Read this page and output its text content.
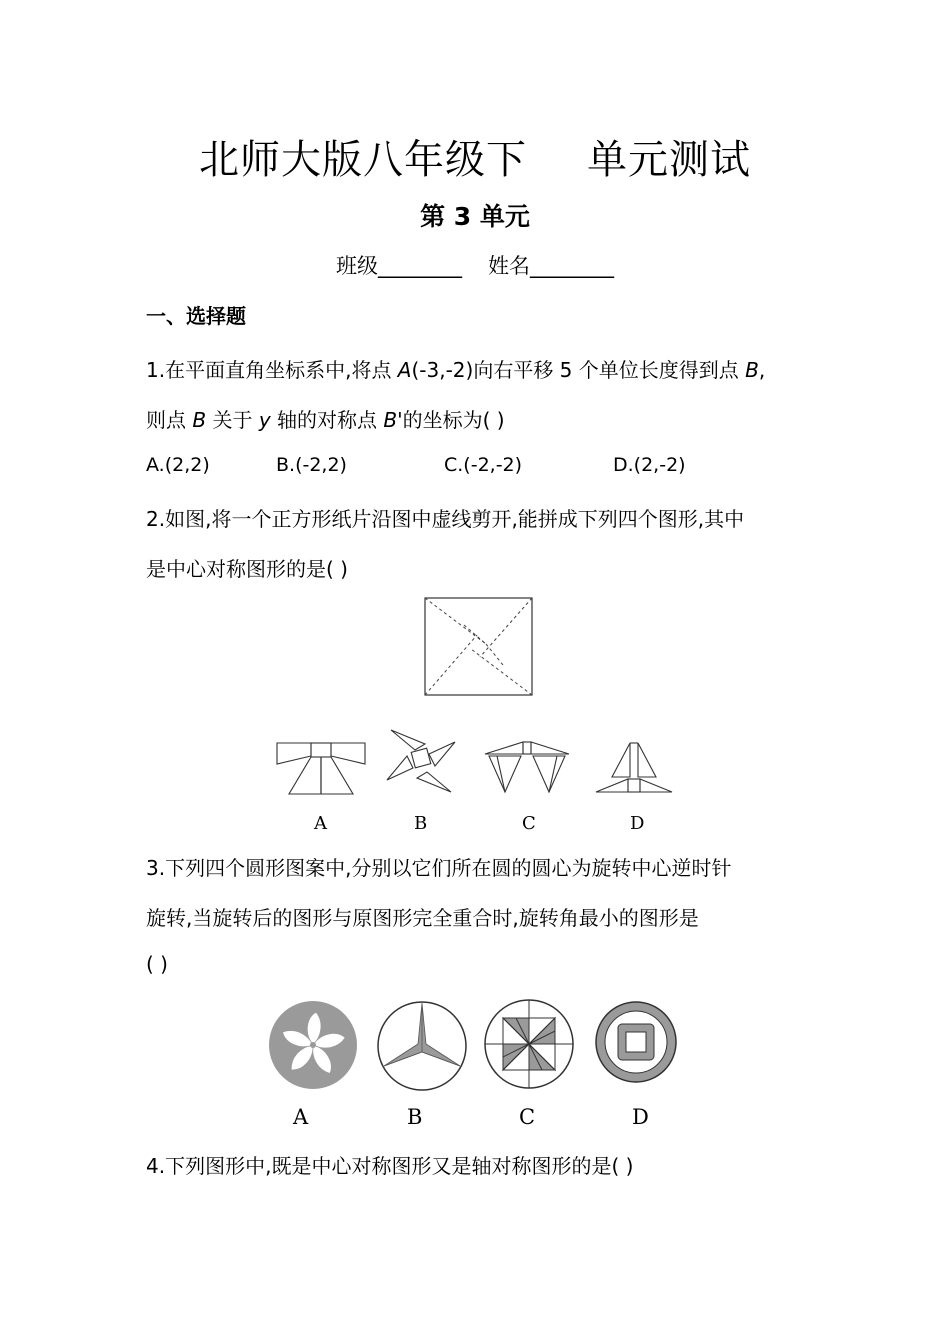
北师大版八年级下 单元测试
第 3 单元
班级________ 姓名________
一、选择题
1.在平面直角坐标系中,将点 A(-3,-2)向右平移 5 个单位长度得到点 B,
则点 B 关于 y 轴的对称点 B'的坐标为( )
A.(2,2)	B.(-2,2)	C.(-2,-2)	D.(2,-2)
2.如图,将一个正方形纸片沿图中虚线剪开,能拼成下列四个图形,其中
是中心对称图形的是( )
A	B	C	D
3.下列四个圆形图案中,分别以它们所在圆的圆心为旋转中心逆时针
旋转,当旋转后的图形与原图形完全重合时,旋转角最小的图形是
( )
A	B	C	D
4.下列图形中,既是中心对称图形又是轴对称图形的是( )
